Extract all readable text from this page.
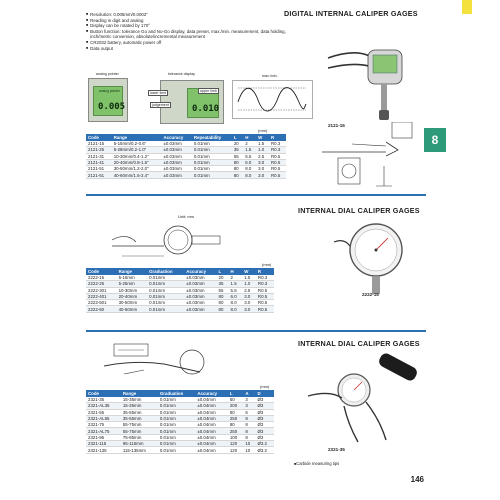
8
DIGITAL INTERNAL CALIPER GAGES
■ Resolution: 0.005mm/0.0002"
■ Reading in digit and analog
■ Display can be rotated by 170°
■ Button function: tolerance Go and No-Go display, data preset, max./min. measurement, data holding, inch/metric conversion, absolute/incremental measurement
■ CR2032 battery, automatic power off
■ Data output
analog pointer	tolerance display	max./min.
analog pointer
0.005	0.010
lower limit
judgement
upper limit
2121-15
(mm)
Code	Range	Accuracy	Repeatability	L	H	W	R
2121-15	5-15mm/0.2-0.6"	±0.03mm	0.01mm	20	2	1.5	R0.3
2121-25	5-28mm/0.2-1.0"	±0.03mm	0.01mm	35	1.5	1.0	R0.3
2121-31	10-30mm/0.4-1.2"	±0.03mm	0.01mm	55	5.5	2.5	R0.5
2121-41	20-40mm/0.8-1.6"	±0.03mm	0.01mm	80	6.0	3.0	R0.5
2121-51	30-50mm/1.2-2.0"	±0.03mm	0.01mm	80	8.0	3.0	R0.5
2121-61	40-60mm/1.6-2.4"	±0.03mm	0.01mm	80	8.0	3.0	R0.5
INTERNAL DIAL CALIPER GAGES
Unit: mm
(mm)
Code	Range	Graduation	Accuracy	L	H	W	R
2222-15	5-15mm	0.01mm	±0.03mm	20	2	1.5	R0.3
2222-25	5-25mm	0.01mm	±0.03mm	35	1.5	1.0	R0.3
2222-301	10-30mm	0.01mm	±0.03mm	55	5.5	2.5	R0.5
2222-401	20-40mm	0.01mm	±0.03mm	80	6.0	3.0	R0.5
2222-501	30-50mm	0.01mm	±0.03mm	80	8.0	3.0	R0.5
2222-60	40-60mm	0.01mm	±0.03mm	80	8.0	3.0	R0.5
2222-15
INTERNAL DIAL CALIPER GAGES
(mm)
Code	Range	Graduation	Accuracy	L	A	D
2321-35	15-35mm	0.01mm	±0.04mm	50	3	Ø3
2321-AL35	15-35mm	0.01mm	±0.04mm	200	3	Ø3
2321-55	35-55mm	0.01mm	±0.04mm	80	6	Ø3
2321-AL55	35-55mm	0.01mm	±0.04mm	250	8	Ø3
2321-75	55-75mm	0.01mm	±0.04mm	80	8	Ø3
2321-AL75	55-75mm	0.01mm	±0.04mm	250	8	Ø3
2321-95	75-95mm	0.01mm	±0.04mm	100	8	Ø3
2321-115	95-115mm	0.01mm	±0.04mm	120	10	Ø3.2
2321-135	115-135mm	0.01mm	±0.04mm	120	10	Ø3.2	2321-35
■ Carbide measuring tips
146
